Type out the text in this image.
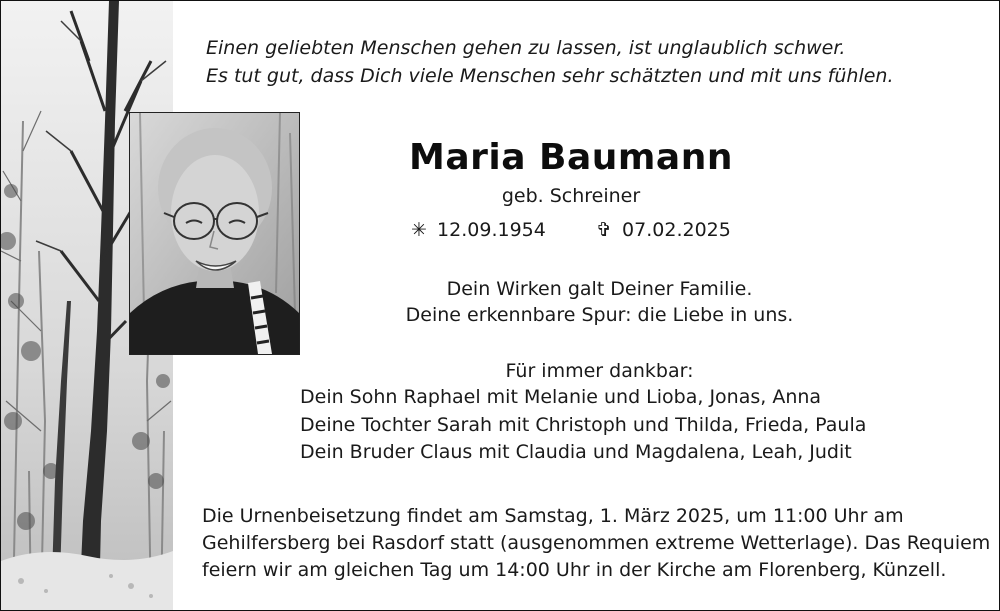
Einen geliebten Menschen gehen zu lassen, ist unglaublich schwer.
Es tut gut, dass Dich viele Menschen sehr schätzten und mit uns fühlen.
Maria Baumann
geb. Schreiner
✳ 12.09.1954	✞ 07.02.2025
Dein Wirken galt Deiner Familie.
Deine erkennbare Spur: die Liebe in uns.
Für immer dankbar:
Dein Sohn Raphael mit Melanie und Lioba, Jonas, Anna
Deine Tochter Sarah mit Christoph und Thilda, Frieda, Paula
Dein Bruder Claus mit Claudia und Magdalena, Leah, Judit
Die Urnenbeisetzung findet am Samstag, 1. März 2025, um 11:00 Uhr am
Gehilfersberg bei Rasdorf statt (ausgenommen extreme Wetterlage). Das Requiem
feiern wir am gleichen Tag um 14:00 Uhr in der Kirche am Florenberg, Künzell.
